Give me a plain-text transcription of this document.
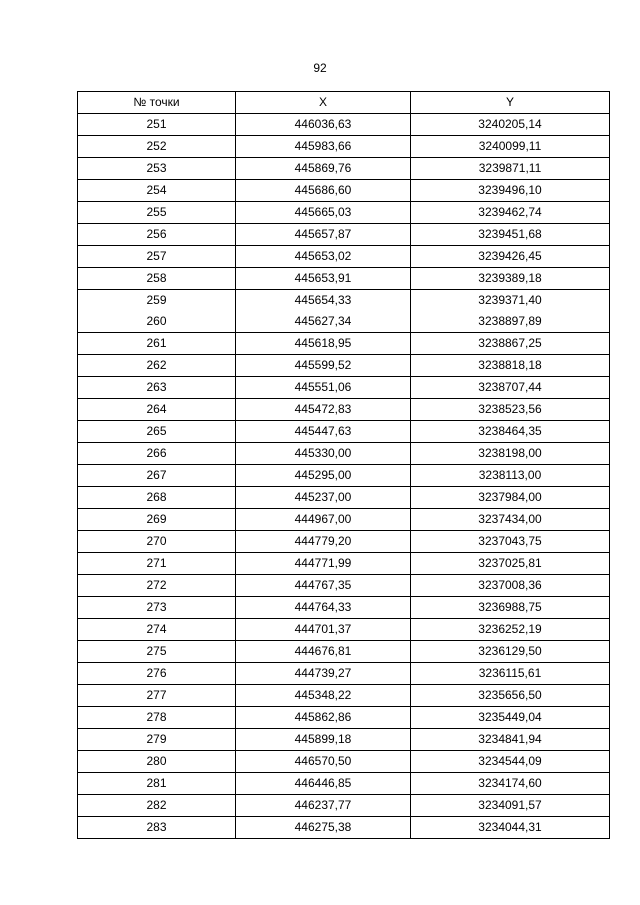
92
№ точки	X	Y
251	446036,63	3240205,14
252	445983,66	3240099,11
253	445869,76	3239871,11
254	445686,60	3239496,10
255	445665,03	3239462,74
256	445657,87	3239451,68
257	445653,02	3239426,45
258	445653,91	3239389,18
259	445654,33	3239371,40
260	445627,34	3238897,89
261	445618,95	3238867,25
262	445599,52	3238818,18
263	445551,06	3238707,44
264	445472,83	3238523,56
265	445447,63	3238464,35
266	445330,00	3238198,00
267	445295,00	3238113,00
268	445237,00	3237984,00
269	444967,00	3237434,00
270	444779,20	3237043,75
271	444771,99	3237025,81
272	444767,35	3237008,36
273	444764,33	3236988,75
274	444701,37	3236252,19
275	444676,81	3236129,50
276	444739,27	3236115,61
277	445348,22	3235656,50
278	445862,86	3235449,04
279	445899,18	3234841,94
280	446570,50	3234544,09
281	446446,85	3234174,60
282	446237,77	3234091,57
283	446275,38	3234044,31
